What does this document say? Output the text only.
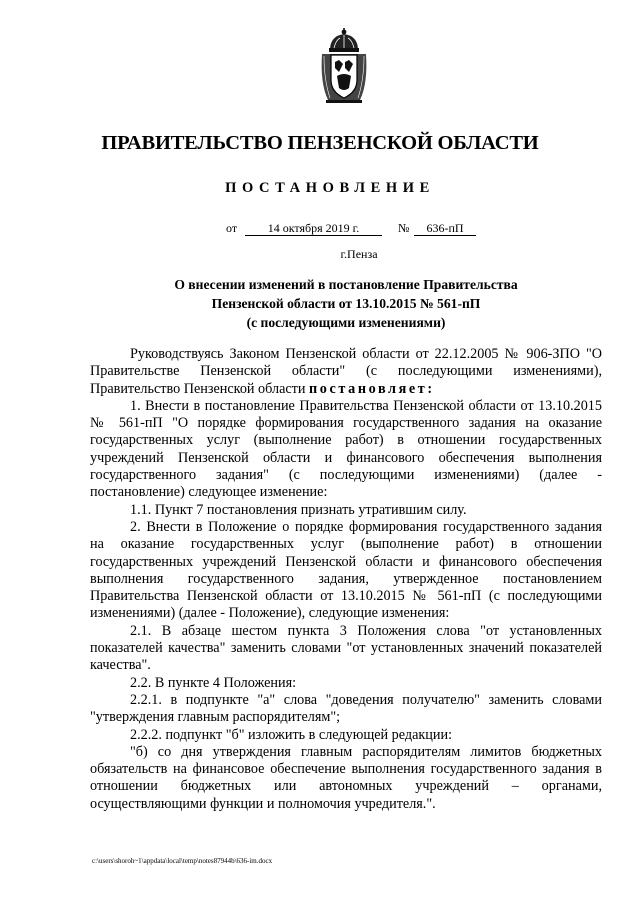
ПРАВИТЕЛЬСТВО ПЕНЗЕНСКОЙ ОБЛАСТИ
ПОСТАНОВЛЕНИЕ
от	14 октября 2019 г.	№	636-пП
г.Пенза
О внесении изменений в постановление Правительства
Пензенской области от 13.10.2015 № 561-пП
(с последующими изменениями)

Руководствуясь Законом Пензенской области от 22.12.2005 № 906-ЗПО "О Правительстве Пензенской области" (с последующими изменениями), Правительство Пензенской области постановляет:

1. Внести в постановление Правительства Пензенской области от 13.10.2015 № 561-пП "О порядке формирования государственного задания на оказание государственных услуг (выполнение работ) в отношении государственных учреждений Пензенской области и финансового обеспечения выполнения государственного задания" (с последующими изменениями) (далее - постановление) следующее изменение:

1.1. Пункт 7 постановления признать утратившим силу.

2. Внести в Положение о порядке формирования государственного задания на оказание государственных услуг (выполнение работ) в отношении государственных учреждений Пензенской области и финансового обеспечения выполнения государственного задания, утвержденное постановлением Правительства Пензенской области от 13.10.2015 № 561-пП (с последующими изменениями) (далее - Положение), следующие изменения:

2.1. В абзаце шестом пункта 3 Положения слова "от установленных показателей качества" заменить словами "от установленных значений показателей качества".

2.2. В пункте 4 Положения:

2.2.1. в подпункте "а" слова "доведения получателю" заменить словами "утверждения главным распорядителям";

2.2.2. подпункт "б" изложить в следующей редакции:

"б) со дня утверждения главным распорядителям лимитов бюджетных обязательств на финансовое обеспечение выполнения государственного задания в отношении бюджетных или автономных учреждений – органами, осуществляющими функции и полномочия учредителя.".

c:\users\shoroh~1\appdata\local\temp\notes87944b\636-im.docx
